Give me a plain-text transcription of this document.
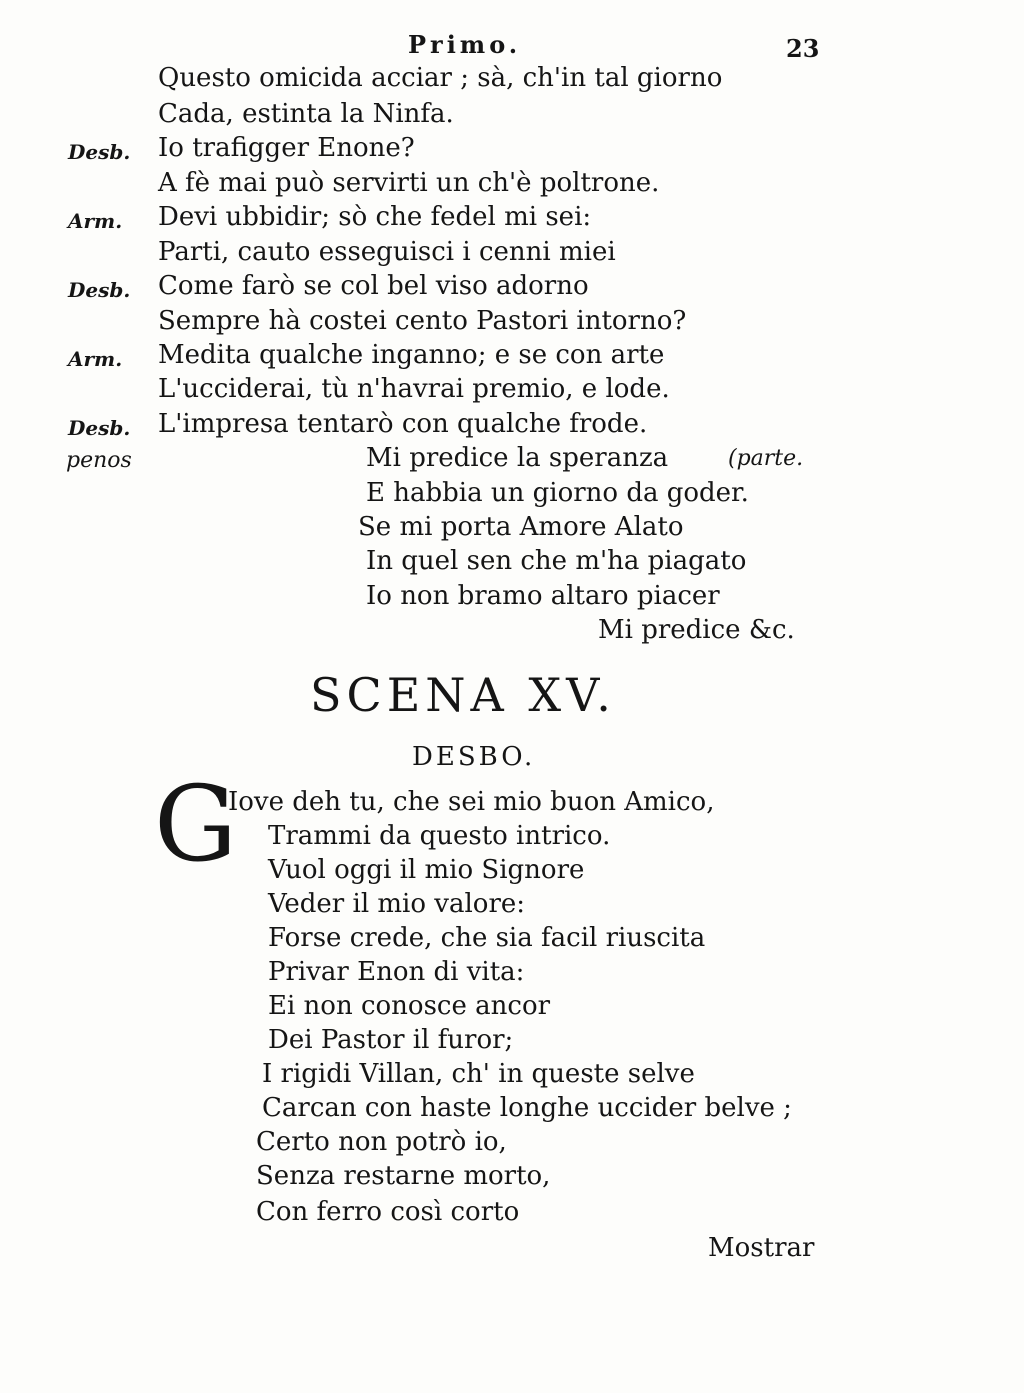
Primo.	23
Questo omicida acciar ; sà, ch'in tal giorno
Cada, estinta la Ninfa.
Desb. Io trafigger Enone?
A fè mai può servirti un ch'è poltrone.
Arm. Devi ubbidir; sò che fedel mi sei:
Parti, cauto esseguisci i cenni miei
Desb. Come farò se col bel viso adorno
Sempre hà costei cento Pastori intorno?
Arm. Medita qualche inganno; e se con arte
L'ucciderai, tù n'havrai premio, e lode.
Desb. L'impresa tentarò con qualche frode.
penos	(parte.
Mi predice la speranza
E habbia un giorno da goder.
Se mi porta Amore Alato
In quel sen che m'ha piagato
Io non bramo altaro piacer
Mi predice &c.
SCENA XV.
DESBO.
G
Iove deh tu, che sei mio buon Amico,
Trammi da questo intrico.
Vuol oggi il mio Signore
Veder il mio valore:
Forse crede, che sia facil riuscita
Privar Enon di vita:
Ei non conosce ancor
Dei Pastor il furor;
I rigidi Villan, ch' in queste selve
Carcan con haste longhe uccider belve ;
Certo non potrò io,
Senza restarne morto,
Con ferro così corto
Mostrar
